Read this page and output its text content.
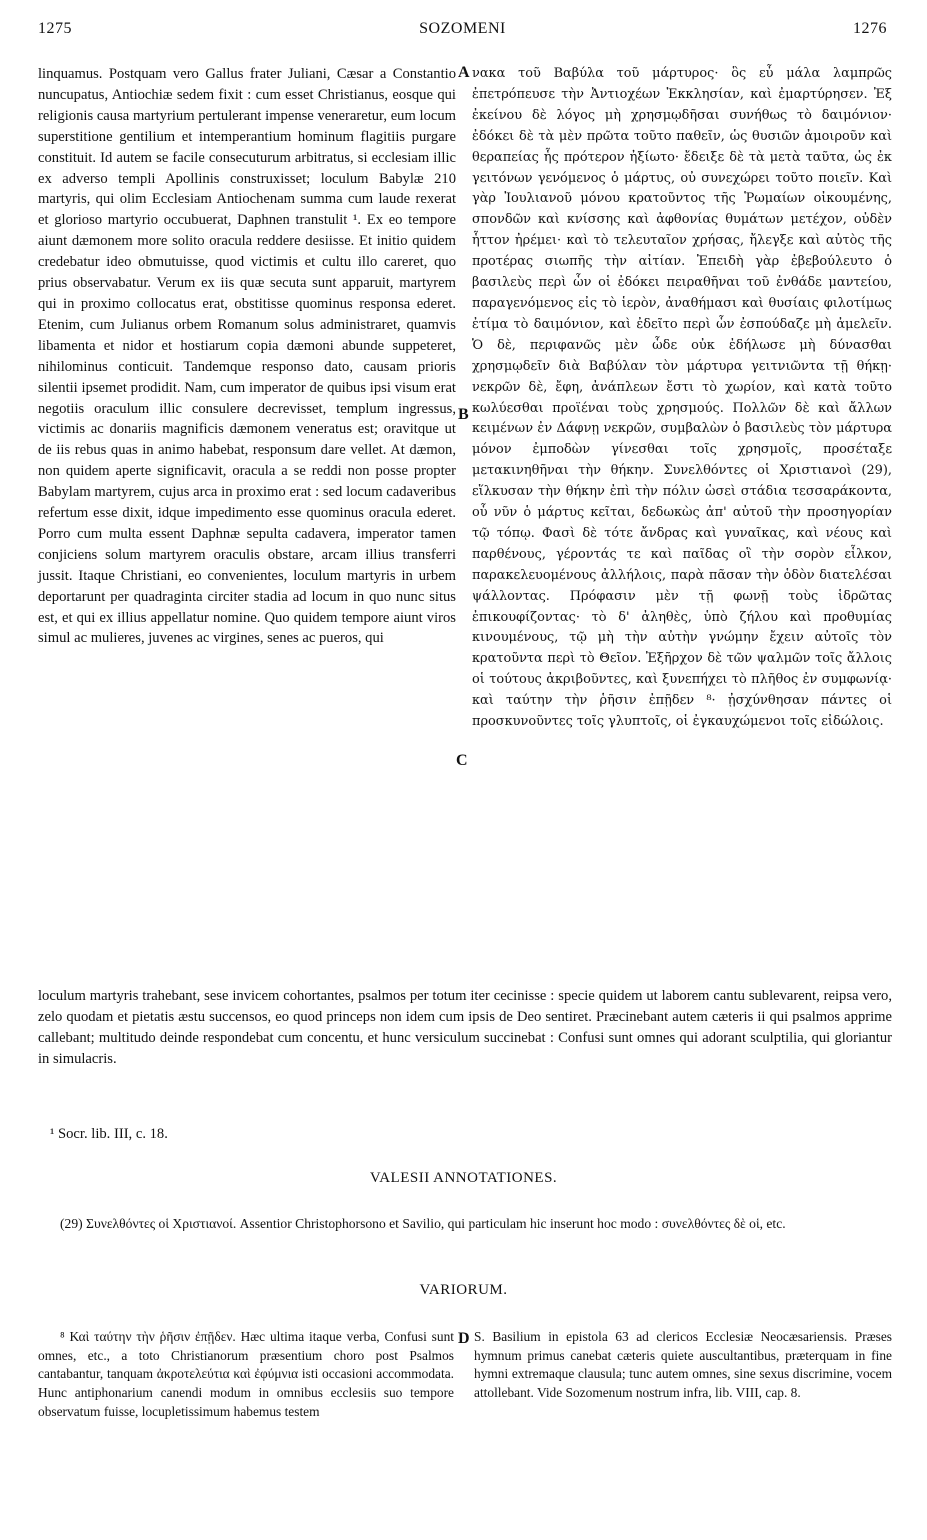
1275	SOZOMENI	1276
linquamus. Postquam vero Gallus frater Juliani, Cæsar a Constantio nuncupatus, Antiochiæ sedem fixit : cum esset Christianus, eosque qui religionis causa martyrium pertulerant impense veneraretur, eum locum superstitione gentilium et intemperantium hominum flagitiis purgare constituit. Id autem se facile consecuturum arbitratus, si ecclesiam illic ex adverso templi Apollinis construxisset; loculum Babylæ 210 martyris, qui olim Ecclesiam Antiochenam summa cum laude rexerat et glorioso martyrio occubuerat, Daphnen transtulit ¹. Ex eo tempore aiunt dæmonem more solito oracula reddere desiisse. Et initio quidem credebatur ideo obmutuisse, quod victimis et cultu illo careret, quo prius observabatur. Verum ex iis quæ secuta sunt apparuit, martyrem qui in proximo collocatus erat, obstitisse quominus responsa ederet. Etenim, cum Julianus orbem Romanum solus administraret, quamvis libamenta et nidor et hostiarum copia dæmoni abunde suppeteret, nihilominus conticuit. Tandemque responso dato, causam prioris silentii ipsemet prodidit. Nam, cum imperator de quibus ipsi visum erat negotiis oraculum illic consulere decrevisset, templum ingressus, victimis ac donariis magnificis dæmonem veneratus est; oravitque ut de iis rebus quas in animo habebat, responsum dare vellet. At dæmon, non quidem aperte significavit, oracula a se reddi non posse propter Babylam martyrem, cujus arca in proximo erat : sed locum cadaveribus refertum esse dixit, idque impedimento esse quominus oracula ederet. Porro cum multa essent Daphnæ sepulta cadavera, imperator tamen conjiciens solum martyrem oraculis obstare, arcam illius transferri jussit. Itaque Christiani, eo convenientes, loculum martyris in urbem deportarunt per quadraginta circiter stadia ad locum in quo nunc situs est, et qui ex illius appellatur nomine. Quo quidem tempore aiunt viros simul ac mulieres, juvenes ac virgines, senes ac pueros, qui
νακα τοῦ Βαβύλα τοῦ μάρτυρος· ὃς εὖ μάλα λαμπρῶς ἐπετρόπευσε τὴν Ἀντιοχέων Ἐκκλησίαν, καὶ ἐμαρτύρησεν. Ἐξ ἐκείνου δὲ λόγος μὴ χρησμῳδῆσαι συνήθως τὸ δαιμόνιον· ἐδόκει δὲ τὰ μὲν πρῶτα τοῦτο παθεῖν, ὡς θυσιῶν ἀμοιροῦν καὶ θεραπείας ἧς πρότερον ἠξίωτο· ἔδειξε δὲ τὰ μετὰ ταῦτα, ὡς ἐκ γειτόνων γενόμενος ὁ μάρτυς, οὐ συνεχώρει τοῦτο ποιεῖν. Καὶ γὰρ Ἰουλιανοῦ μόνου κρατοῦντος τῆς Ῥωμαίων οἰκουμένης, σπονδῶν καὶ κνίσσης καὶ ἀφθονίας θυμάτων μετέχον, οὐδὲν ἧττον ἠρέμει· καὶ τὸ τελευταῖον χρήσας, ἤλεγξε καὶ αὐτὸς τῆς προτέρας σιωπῆς τὴν αἰτίαν. Ἐπειδὴ γὰρ ἐβεβούλευτο ὁ βασιλεὺς περὶ ὧν οἱ ἐδόκει πειραθῆναι τοῦ ἐνθάδε μαντείου, παραγενόμενος εἰς τὸ ἱερὸν, ἀναθήμασι καὶ θυσίαις φιλοτίμως ἐτίμα τὸ δαιμόνιον, καὶ ἐδεῖτο περὶ ὧν ἐσπούδαζε μὴ ἀμελεῖν. Ὁ δὲ, περιφανῶς μὲν ὧδε οὐκ ἐδήλωσε μὴ δύνασθαι χρησμῳδεῖν διὰ Βαβύλαν τὸν μάρτυρα γειτνιῶντα τῇ θήκῃ· νεκρῶν δὲ, ἔφη, ἀνάπλεων ἔστι τὸ χωρίον, καὶ κατὰ τοῦτο κωλύεσθαι προϊέναι τοὺς χρησμούς. Πολλῶν δὲ καὶ ἄλλων κειμένων ἐν Δάφνῃ νεκρῶν, συμβαλὼν ὁ βασιλεὺς τὸν μάρτυρα μόνον ἐμποδὼν γίνεσθαι τοῖς χρησμοῖς, προσέταξε μετακινηθῆναι τὴν θήκην. Συνελθόντες οἱ Χριστιανοὶ (29), εἵλκυσαν τὴν θήκην ἐπὶ τὴν πόλιν ὡσεὶ στάδια τεσσαράκοντα, οὗ νῦν ὁ μάρτυς κεῖται, δεδωκὼς ἀπ' αὐτοῦ τὴν προσηγορίαν τῷ τόπῳ. Φασὶ δὲ τότε ἄνδρας καὶ γυναῖκας, καὶ νέους καὶ παρθένους, γέροντάς τε καὶ παῖδας οἳ τὴν σορὸν εἷλκον, παρακελευομένους ἀλλήλοις, παρὰ πᾶσαν τὴν ὁδὸν διατελέσαι ψάλλοντας. Πρόφασιν μὲν τῇ φωνῇ τοὺς ἱδρῶτας ἐπικουφίζοντας· τὸ δ' ἀληθὲς, ὑπὸ ζήλου καὶ προθυμίας κινουμένους, τῷ μὴ τὴν αὐτὴν γνώμην ἔχειν αὐτοῖς τὸν κρατοῦντα περὶ τὸ Θεῖον. Ἐξῆρχον δὲ τῶν ψαλμῶν τοῖς ἄλλοις οἱ τούτους ἀκριβοῦντες, καὶ ξυνεπήχει τὸ πλῆθος ἐν συμφωνίᾳ· καὶ ταύτην τὴν ῥῆσιν ἐπῇδεν ⁸· ᾐσχύνθησαν πάντες οἱ προσκυνοῦντες τοῖς γλυπτοῖς, οἱ ἐγκαυχώμενοι τοῖς εἰδώλοις.
A
B
C
loculum martyris trahebant, sese invicem cohortantes, psalmos per totum iter cecinisse : specie quidem ut laborem cantu sublevarent, reipsa vero, zelo quodam et pietatis æstu succensos, eo quod princeps non idem cum ipsis de Deo sentiret. Præcinebant autem cæteris ii qui psalmos apprime callebant; multitudo deinde respondebat cum concentu, et hunc versiculum succinebat : Confusi sunt omnes qui adorant sculptilia, qui gloriantur in simulacris.
¹ Socr. lib. III, c. 18.
VALESII ANNOTATIONES.
(29) Συνελθόντες οἱ Χριστιανοί. Assentior Christophorsono et Savilio, qui particulam hic inserunt hoc modo : συνελθόντες δὲ οἱ, etc.
VARIORUM.
⁸ Καὶ ταύτην τὴν ῥῆσιν ἐπῇδεν. Hæc ultima itaque verba, Confusi sunt omnes, etc., a toto Christianorum præsentium choro post Psalmos cantabantur, tanquam ἀκροτελεύτια καὶ ἐφύμνια isti occasioni accommodata. Hunc antiphonarium canendi modum in omnibus ecclesiis suo tempore observatum fuisse, locupletissimum habemus testem
D S. Basilium in epistola 63 ad clericos Ecclesiæ Neocæsariensis. Præses hymnum primus canebat cæteris quiete auscultantibus, præterquam in fine hymni extremaque clausula; tunc autem omnes, sine sexus discrimine, vocem attollebant. Vide Sozomenum nostrum infra, lib. VIII, cap. 8.
